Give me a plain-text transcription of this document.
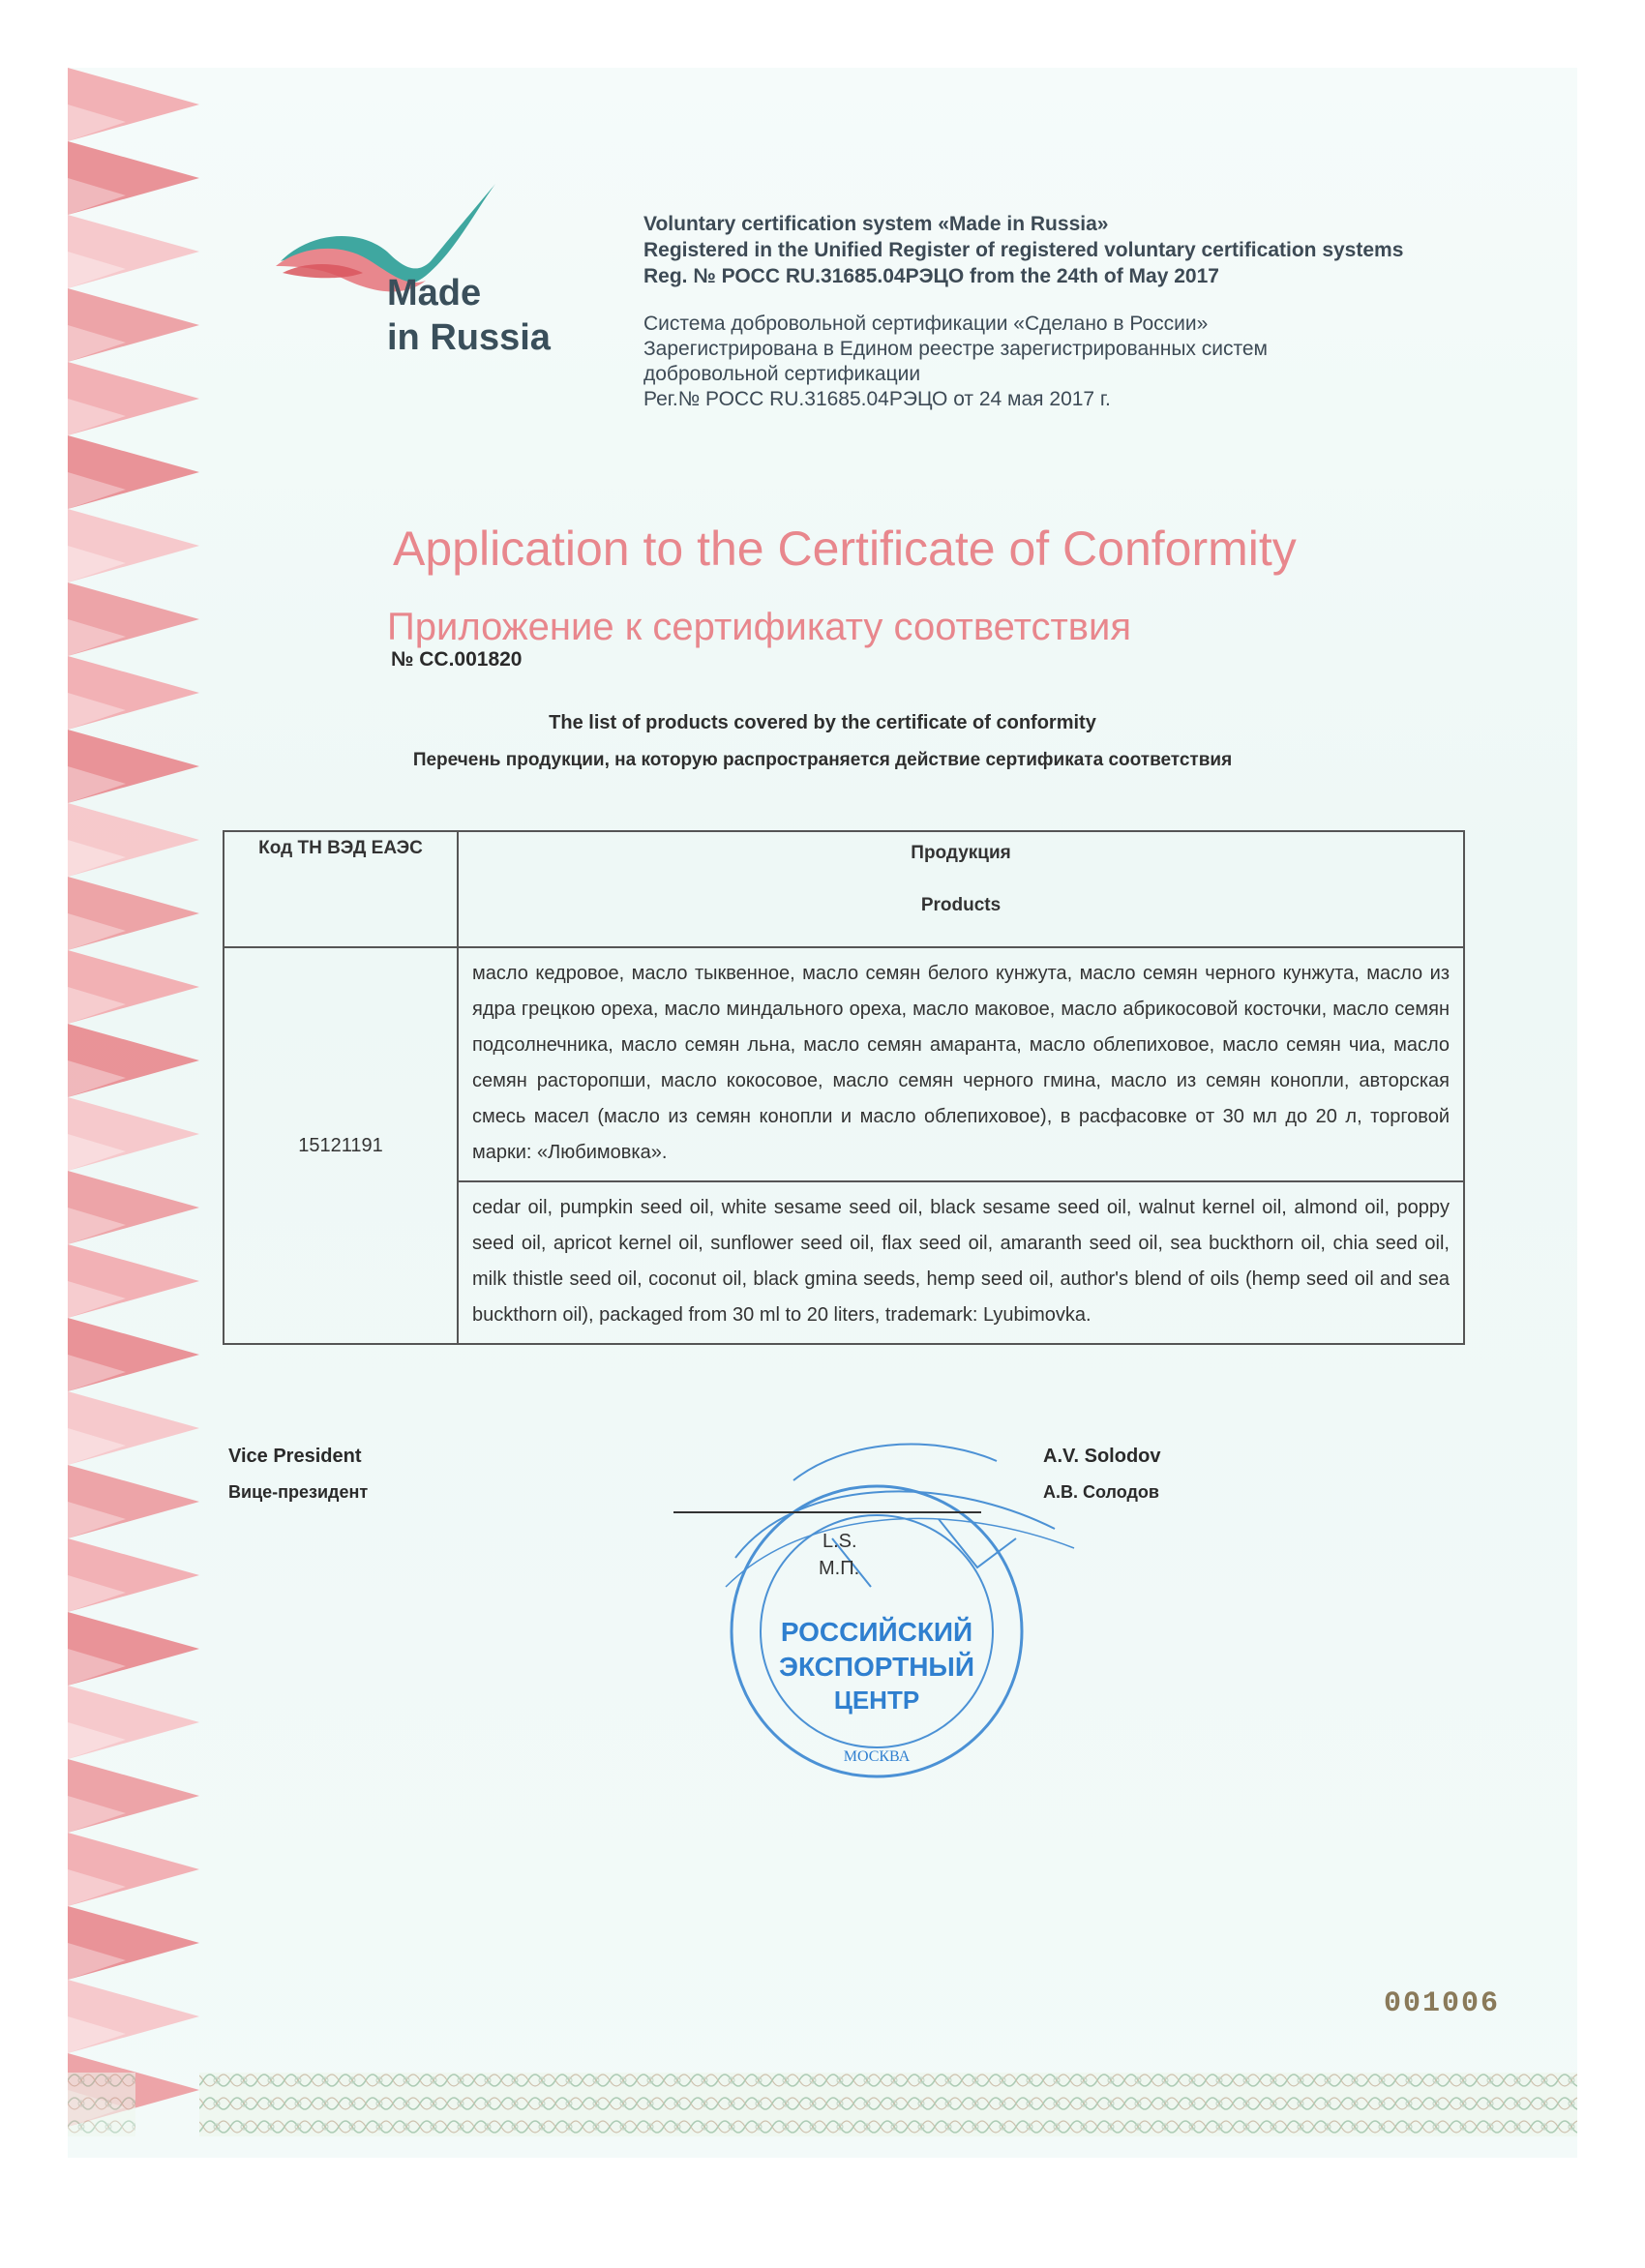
Made
in Russia
Voluntary certification system «Made in Russia»
Registered in the Unified Register of registered voluntary certification systems
Reg. № РОСС RU.31685.04РЭЦО from the 24th of May 2017
Система добровольной сертификации «Сделано в России»
Зарегистрирована в Едином реестре зарегистрированных систем
добровольной сертификации
Рег.№ РОСС RU.31685.04РЭЦО от 24 мая 2017 г.
Application to the Certificate of Conformity
Приложение к сертификату соответствия
№ СС.001820
The list of products covered by the certificate of conformity
Перечень продукции, на которую распространяется действие сертификата соответствия
Код ТН ВЭД ЕАЭС	Продукция
Products

15121191	масло кедровое, масло тыквенное, масло семян белого кунжута, масло семян черного кунжута, масло из ядра грецкою ореха, масло миндального ореха, масло маковое, масло абрикосовой косточки, масло семян подсолнечника, масло семян льна, масло семян амаранта, масло облепиховое, масло семян чиа, масло семян расторопши, масло кокосовое, масло семян черного гмина, масло из семян конопли, авторская смесь масел (масло из семян конопли и масло облепиховое), в расфасовке от 30 мл до 20 л, торговой марки: «Любимовка».
	cedar oil, pumpkin seed oil, white sesame seed oil, black sesame seed oil, walnut kernel oil, almond oil, poppy seed oil, apricot kernel oil, sunflower seed oil, flax seed oil, amaranth seed oil, sea buckthorn oil, chia seed oil, milk thistle seed oil, coconut oil, black gmina seeds, hemp seed oil, author's blend of oils (hemp seed oil and sea buckthorn oil), packaged from 30 ml to 20 liters, trademark: Lyubimovka.
Vice President
Вице-президент
A.V. Solodov
А.В. Солодов
РОССИЙСКИЙ
ЭКСПОРТНЫЙ
ЦЕНТР
МОСКВА
L.S.
М.П.
001006
